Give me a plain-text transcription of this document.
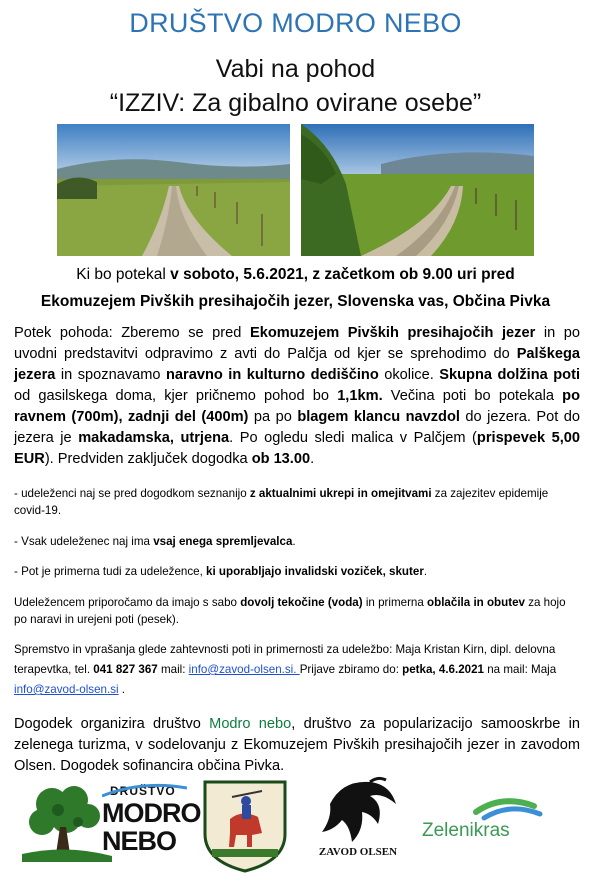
DRUŠTVO MODRO NEBO
Vabi na pohod
“IZZIV: Za gibalno ovirane osebe”
Ki bo potekal v soboto, 5.6.2021, z začetkom ob 9.00 uri pred
Ekomuzejem Pivških presihajočih jezer, Slovenska vas, Občina Pivka
Potek pohoda: Zberemo se pred Ekomuzejem Pivških presihajočih jezer in po uvodni predstavitvi odpravimo z avti do Palčja od kjer se sprehodimo do Palškega jezera in spoznavamo naravno in kulturno dediščino okolice. Skupna dolžina poti od gasilskega doma, kjer pričnemo pohod bo 1,1km. Večina poti bo potekala po ravnem (700m), zadnji del (400m) pa po blagem klancu navzdol do jezera. Pot do jezera je makadamska, utrjena. Po ogledu sledi malica v Palčjem (prispevek 5,00 EUR). Predviden zaključek dogodka ob 13.00.
- udeleženci naj se pred dogodkom seznanijo z aktualnimi ukrepi in omejitvami za zajezitev epidemije covid-19.
- Vsak udeleženec naj ima vsaj enega spremljevalca.
- Pot je primerna tudi za udeležence, ki uporabljajo invalidski voziček, skuter.
Udeležencem priporočamo da imajo s sabo dovolj tekočine (voda) in primerna oblačila in obutev za hojo po naravi in urejeni poti (pesek).
Spremstvo in vprašanja glede zahtevnosti poti in primernosti za udeležbo: Maja Kristan Kirn, dipl. delovna terapevtka, tel. 041 827 367 mail: info@zavod-olsen.si. Prijave zbiramo do: petka, 4.6.2021 na mail: Maja info@zavod-olsen.si .
Dogodek organizira društvo Modro nebo, društvo za popularizacijo samooskrbe in zelenega turizma, v sodelovanju z Ekomuzejem Pivških presihajočih jezer in zavodom Olsen. Dogodek sofinancira občina Pivka.
DRUŠTVO
MODRO
NEBO	ZAVOD OLSEN
Zelenikras
